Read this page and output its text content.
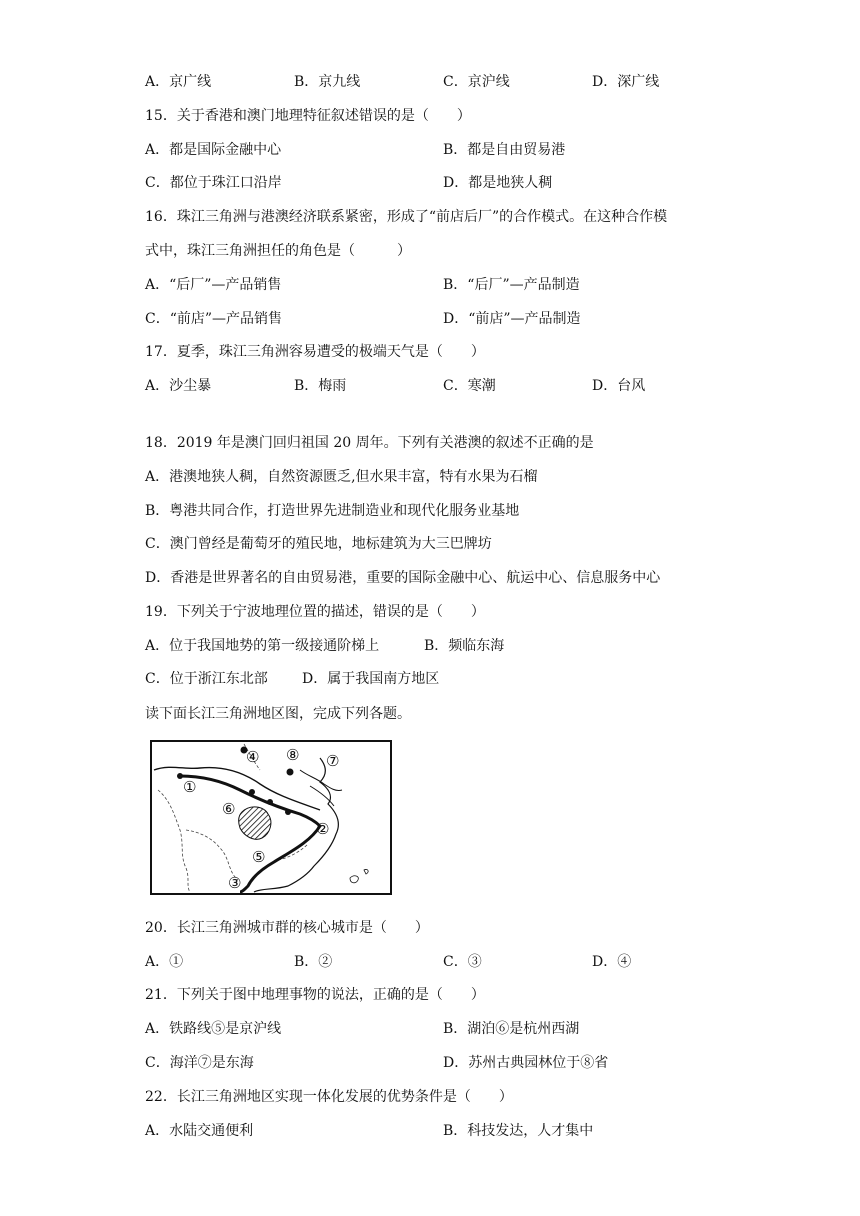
A．京广线	B．京九线	C．京沪线	D．深广线
15．关于香港和澳门地理特征叙述错误的是（　　）
A．都是国际金融中心	B．都是自由贸易港
C．都位于珠江口沿岸	D．都是地狭人稠
16．珠江三角洲与港澳经济联系紧密，形成了“前店后厂”的合作模式。在这种合作模
式中，珠江三角洲担任的角色是（　　　）
A．“后厂”—产品销售	B．“后厂”—产品制造
C．“前店”—产品销售	D．“前店”—产品制造
17．夏季，珠江三角洲容易遭受的极端天气是（　　）
A．沙尘暴	B．梅雨	C．寒潮	D．台风
18．2019 年是澳门回归祖国 20 周年。下列有关港澳的叙述不正确的是
A．港澳地狭人稠，自然资源匮乏,但水果丰富，特有水果为石榴
B．粤港共同合作，打造世界先进制造业和现代化服务业基地
C．澳门曾经是葡萄牙的殖民地，地标建筑为大三巴牌坊
D．香港是世界著名的自由贸易港，重要的国际金融中心、航运中心、信息服务中心
19．下列关于宁波地理位置的描述，错误的是（　　）
A．位于我国地势的第一级接通阶梯上	B．频临东海
C．位于浙江东北部 D．属于我国南方地区
读下面长江三角洲地区图，完成下列各题。
①
②
③
④
⑤
⑥
⑦
⑧
20．长江三角洲城市群的核心城市是（　　）
A．①	B．②	C．③	D．④
21．下列关于图中地理事物的说法，正确的是（　　）
A．铁路线⑤是京沪线	B．湖泊⑥是杭州西湖
C．海洋⑦是东海	D．苏州古典园林位于⑧省
22．长江三角洲地区实现一体化发展的优势条件是（　　）
A．水陆交通便利	B．科技发达，人才集中
